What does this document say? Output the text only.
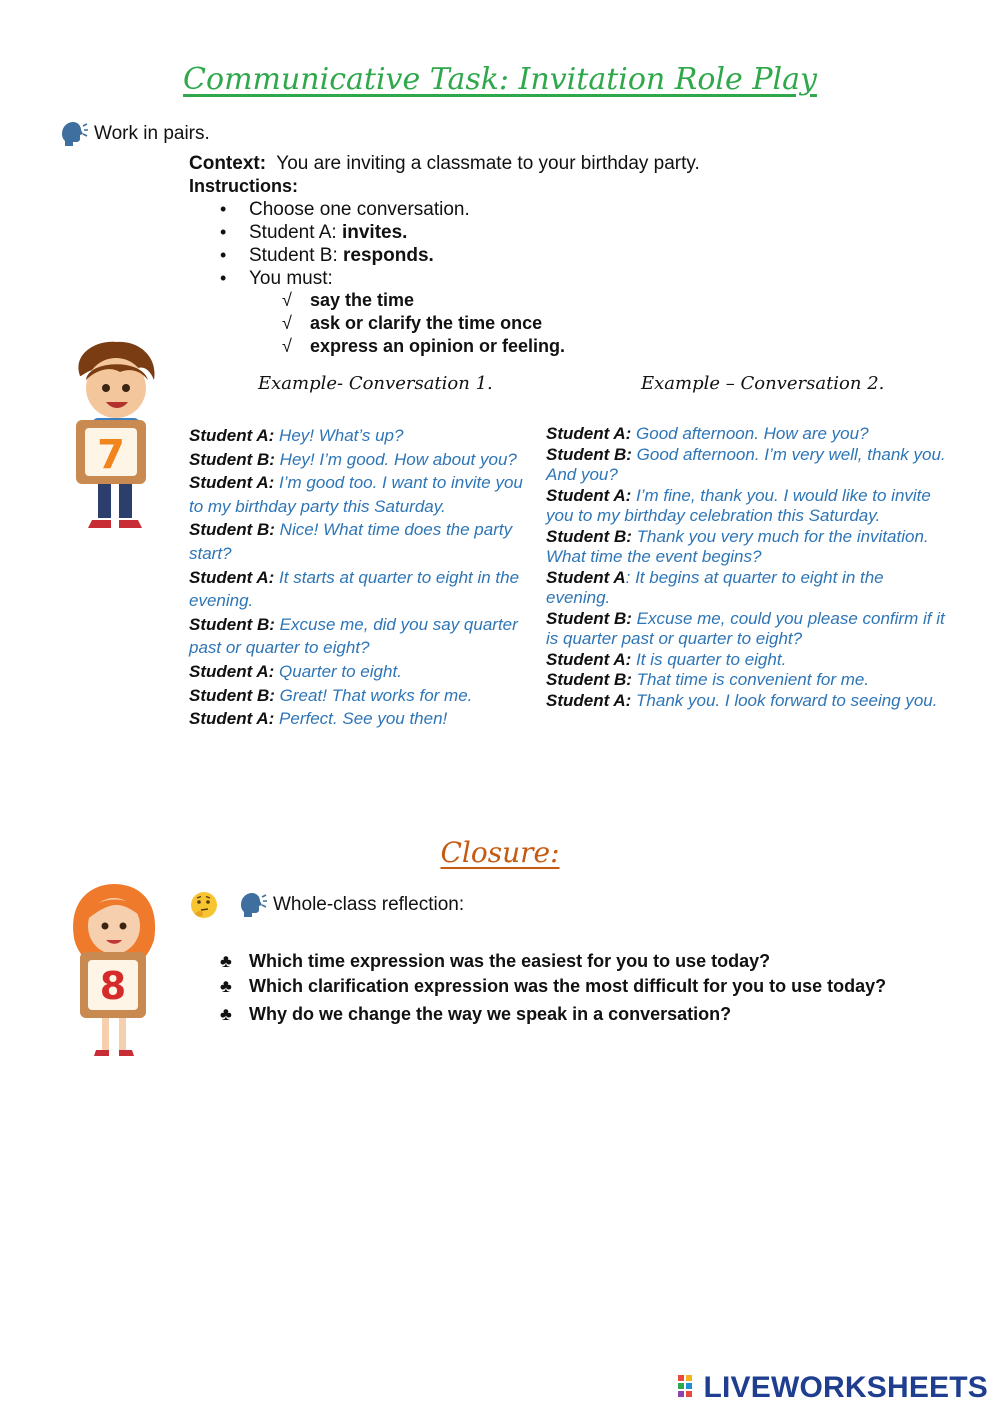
Communicative Task: Invitation Role Play
Work in pairs.
Context: You are inviting a classmate to your birthday party.
Instructions:
• Choose one conversation.
• Student A: invites.
• Student B: responds.
• You must:
√	say the time
√	ask or clarify the time once
√	express an opinion or feeling.
7
Example- Conversation 1.	Example – Conversation 2.

Student A: Hey! What’s up?

Student B: Hey! I’m good. How about you?

Student A: I’m good too. I want to invite you to my birthday party this Saturday.

Student B: Nice! What time does the party start?

Student A: It starts at quarter to eight in the evening.

Student B: Excuse me, did you say quarter past or quarter to eight?

Student A: Quarter to eight.

Student B: Great! That works for me.

Student A: Perfect. See you then!

Student A: Good afternoon. How are you?

Student B: Good afternoon. I’m very well, thank you. And you?

Student A: I’m fine, thank you. I would like to invite you to my birthday celebration this Saturday.

Student B: Thank you very much for the invitation. What time the event begins?

Student A: It begins at quarter to eight in the evening.

Student B: Excuse me, could you please confirm if it is quarter past or quarter to eight?

Student A: It is quarter to eight.

Student B: That time is convenient for me.

Student A: Thank you. I look forward to seeing you.

Closure:
8
Whole-class reflection:
♣ Which time expression was the easiest for you to use today?
♣ Which clarification expression was the most difficult for you to use today?
♣ Why do we change the way we speak in a conversation?
LIVEWORKSHEETS
